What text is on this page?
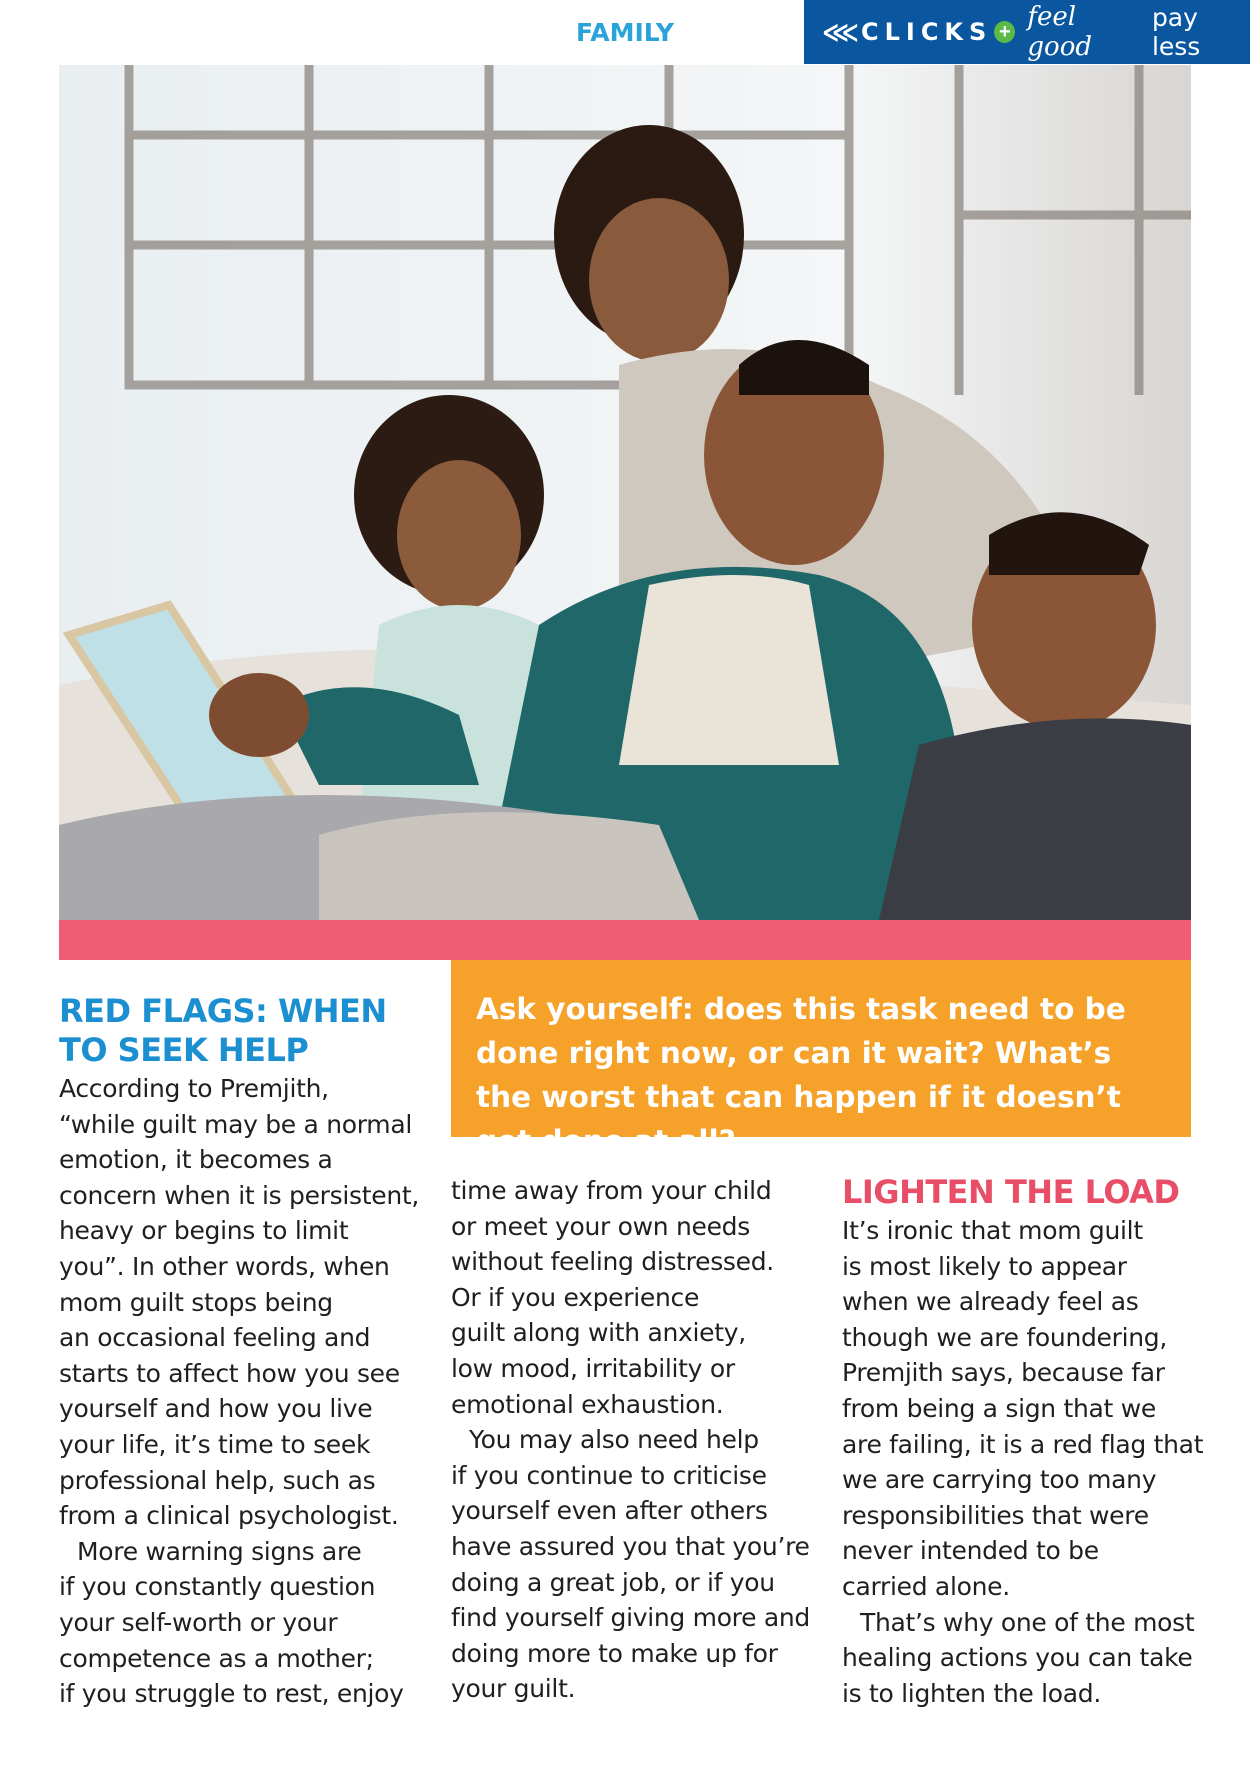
FAMILY	⋘ CLICKS + feel good
pay less
Ask yourself: does this task need to be done right now, or can it wait? What’s the worst that can happen if it doesn’t get done at all?
RED FLAGS: WHEN
TO SEEK HELP

According to Premjith,

“while guilt may be a normal

emotion, it becomes a

concern when it is persistent,

heavy or begins to limit

you”. In other words, when

mom guilt stops being

an occasional feeling and

starts to affect how you see

yourself and how you live

your life, it’s time to seek

professional help, such as

from a clinical psychologist.

More warning signs are

if you constantly question

your self-worth or your

competence as a mother;

if you struggle to rest, enjoy

time away from your child

or meet your own needs

without feeling distressed.

Or if you experience

guilt along with anxiety,

low mood, irritability or

emotional exhaustion.

You may also need help

if you continue to criticise

yourself even after others

have assured you that you’re

doing a great job, or if you

find yourself giving more and

doing more to make up for

your guilt.

LIGHTEN THE LOAD

It’s ironic that mom guilt

is most likely to appear

when we already feel as

though we are foundering,

Premjith says, because far

from being a sign that we

are failing, it is a red flag that

we are carrying too many

responsibilities that were

never intended to be

carried alone.

That’s why one of the most

healing actions you can take

is to lighten the load.
